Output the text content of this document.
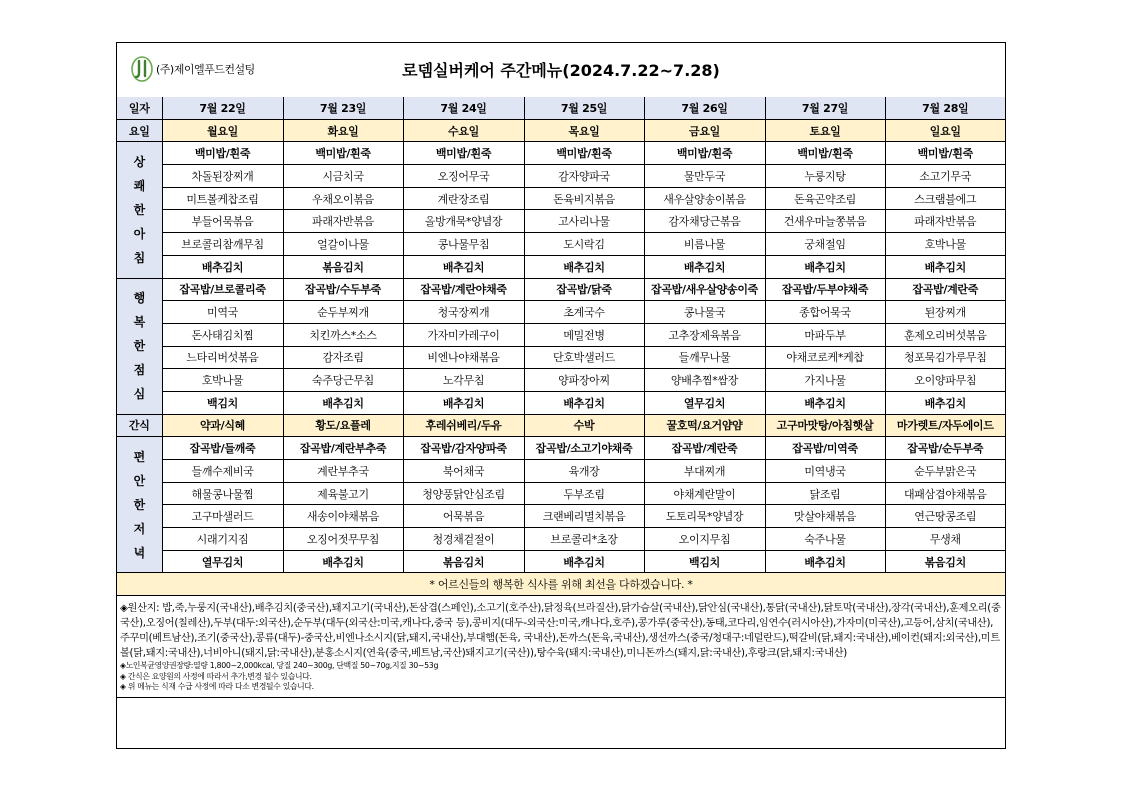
(주)제이엘푸드컨설팅	로뎀실버케어 주간메뉴(2024.7.22~7.28)
일자	7월 22일	7월 23일	7월 24일	7월 25일	7월 26일	7월 27일	7월 28일
요일	월요일	화요일	수요일	목요일	금요일	토요일	일요일

상
쾌
한
아
침	백미밥/흰죽	백미밥/흰죽	백미밥/흰죽	백미밥/흰죽	백미밥/흰죽	백미밥/흰죽	백미밥/흰죽
	차돌된장찌개	시금치국	오징어무국	감자양파국	물만두국	누룽지탕	소고기무국
	미트볼케찹조림	우채오이볶음	계란장조림	돈육비지볶음	새우살양송이볶음	돈육곤약조림	스크램블에그
	부들어묵볶음	파래자반볶음	올방개묵*양념장	고사리나물	감자채당근볶음	건새우마늘쫑볶음	파래자반볶음
	브로콜리참깨무침	얼갈이나물	콩나물무침	도시락김	비름나물	궁채절임	호박나물
	배추김치	볶음김치	배추김치	배추김치	배추김치	배추김치	배추김치

행
복
한
점
심	잡곡밥/브로콜리죽	잡곡밥/수두부죽	잡곡밥/계란야채죽	잡곡밥/닭죽	잡곡밥/새우살양송이죽	잡곡밥/두부야채죽	잡곡밥/계란죽
	미역국	순두부찌개	청국장찌개	초계국수	콩나물국	종합어묵국	된장찌개
	돈사태김치찜	치킨까스*소스	가자미카레구이	메밀전병	고추장제육볶음	마파두부	훈제오리버섯볶음
	느타리버섯볶음	감자조림	비엔나야채볶음	단호박샐러드	들깨무나물	야채코로케*케찹	청포묵김가루무침
	호박나물	숙주당근무침	노각무침	양파장아찌	양배추찜*쌈장	가지나물	오이양파무침
	백김치	배추김치	배추김치	배추김치	열무김치	배추김치	배추김치
간식	약과/식혜	황도/요플레	후레쉬베리/두유	수박	꿀호떡/요거얌얌	고구마맛탕/아침햇살	마가렛트/자두에이드

편
안
한
저
녁	잡곡밥/들깨죽	잡곡밥/계란부추죽	잡곡밥/감자양파죽	잡곡밥/소고기야채죽	잡곡밥/계란죽	잡곡밥/미역죽	잡곡밥/순두부죽
	들깨수제비국	계란부추국	북어채국	육개장	부대찌개	미역냉국	순두부맑은국
	해물콩나물찜	제육불고기	청양풍닭안심조림	두부조림	야채계란말이	닭조림	대패삼겹야채볶음
	고구마샐러드	새송이야채볶음	어묵볶음	크랜베리멸치볶음	도토리묵*양념장	맛살야채볶음	연근땅콩조림
	시래기지짐	오징어젓무무침	청경채겉절이	브로콜리*초장	오이지무침	숙주나물	무생채
	열무김치	배추김치	볶음김치	배추김치	백김치	배추김치	볶음김치
* 어르신들의 행복한 식사를 위해 최선을 다하겠습니다. *							

◈원산지: 밥,죽,누룽지(국내산),배추김치(중국산),돼지고기(국내산),돈삼겹(스페인),소고기(호주산),닭정육(브라질산),닭가슴살(국내산),닭안심(국내산),통닭(국내산),닭토막(국내산),장각(국내산),훈제오리(중국산),오징어(칠레산),두부(대두:외국산),순두부(대두(외국산:미국,캐나다,중국 등),콩비지(대두-외국산:미국,캐나다,호주),콩가루(중국산),동태,코다리,임연수(러시아산),가자미(미국산),고등어,삼치(국내산),주꾸미(베트남산),조기(중국산),콩류(대두)-중국산,비엔나소시지(닭,돼지,국내산),부대햄(돈육, 국내산),돈까스(돈육,국내산),생선까스(중국/청대구:네덜란드),떡갈비(닭,돼지:국내산),베이컨(돼지:외국산),미트볼(닭,돼지:국내산),너비아니(돼지,닭:국내산),분홍소시지(연육(중국,베트남,국산)돼지고기(국산)),탕수육(돼지:국내산),미니돈까스(돼지,닭:국내산),후랑크(닭,돼지:국내산)
◈노인복균영양권장량:열량 1,800~2,000kcal, 당질 240~300g, 단백질 50~70g,지질 30~53g
◈ 간식은 요양원의 사정에 따라서 추가,변경 될수 있습니다.
◈ 위 메뉴는 식재 수급 사정에 따라 다소 변경될수 있습니다.							
